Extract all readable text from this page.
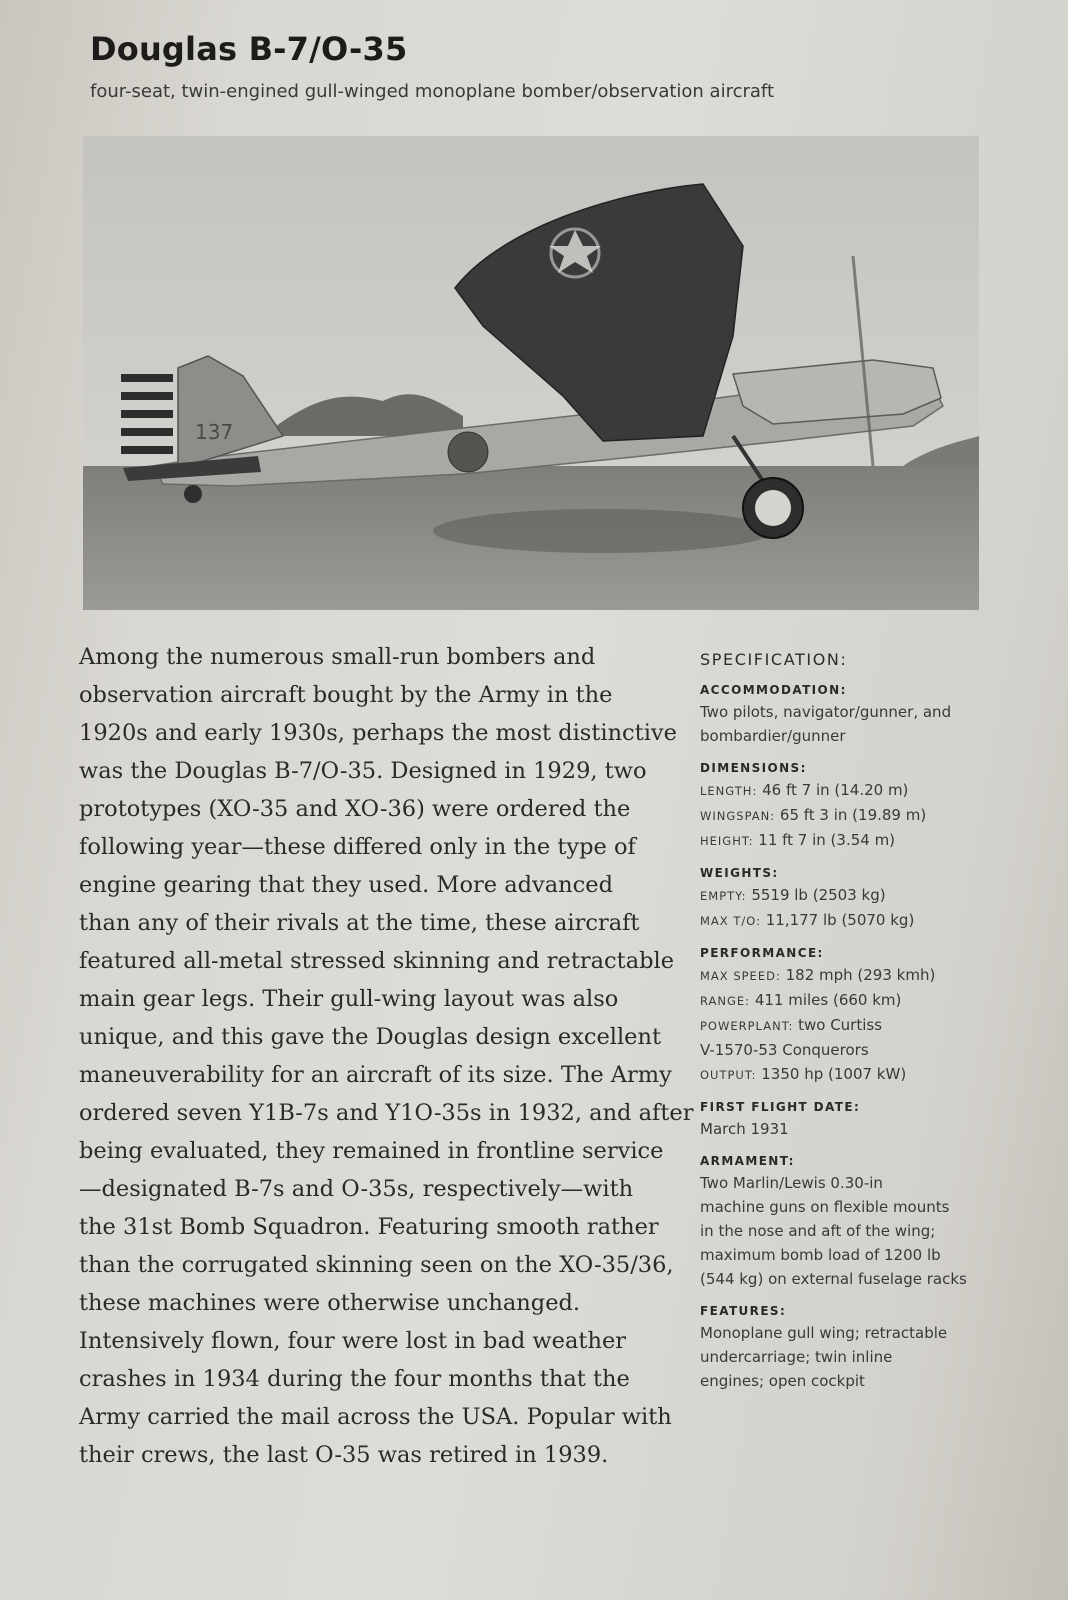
Douglas B-7/O-35
four-seat, twin-engined gull-winged monoplane bomber/observation aircraft
137
Among the numerous small-run bombers and
observation aircraft bought by the Army in the
1920s and early 1930s, perhaps the most distinctive
was the Douglas B-7/O-35. Designed in 1929, two
prototypes (XO-35 and XO-36) were ordered the
following year—these differed only in the type of
engine gearing that they used. More advanced
than any of their rivals at the time, these aircraft
featured all-metal stressed skinning and retractable
main gear legs. Their gull-wing layout was also
unique, and this gave the Douglas design excellent
maneuverability for an aircraft of its size. The Army
ordered seven Y1B-7s and Y1O-35s in 1932, and after
being evaluated, they remained in frontline service
—designated B-7s and O-35s, respectively—with
the 31st Bomb Squadron. Featuring smooth rather
than the corrugated skinning seen on the XO-35/36,
these machines were otherwise unchanged.
Intensively flown, four were lost in bad weather
crashes in 1934 during the four months that the
Army carried the mail across the USA. Popular with
their crews, the last O-35 was retired in 1939.
SPECIFICATION:
ACCOMMODATION:
Two pilots, navigator/gunner, and
bombardier/gunner
DIMENSIONS:
LENGTH: 46 ft 7 in (14.20 m)
WINGSPAN: 65 ft 3 in (19.89 m)
HEIGHT: 11 ft 7 in (3.54 m)
WEIGHTS:
EMPTY: 5519 lb (2503 kg)
MAX T/O: 11,177 lb (5070 kg)
PERFORMANCE:
MAX SPEED: 182 mph (293 kmh)
RANGE: 411 miles (660 km)
POWERPLANT: two Curtiss
V-1570-53 Conquerors
OUTPUT: 1350 hp (1007 kW)
FIRST FLIGHT DATE:
March 1931
ARMAMENT:
Two Marlin/Lewis 0.30-in
machine guns on flexible mounts
in the nose and aft of the wing;
maximum bomb load of 1200 lb
(544 kg) on external fuselage racks
FEATURES:
Monoplane gull wing; retractable
undercarriage; twin inline
engines; open cockpit
